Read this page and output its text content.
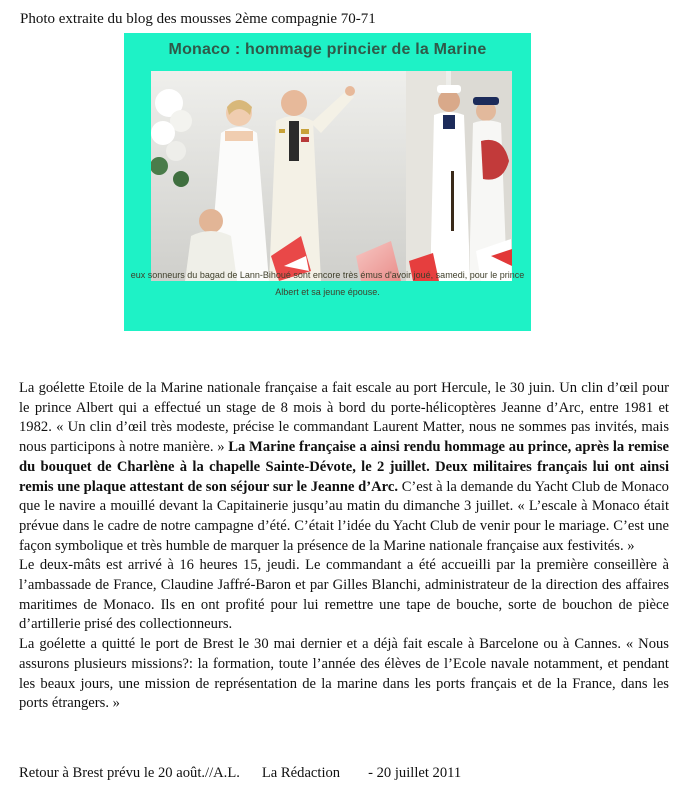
Photo extraite du blog des mousses 2ème compagnie 70-71
Monaco : hommage princier de la Marine
eux sonneurs du bagad de Lann-Bihoué sont encore très émus d'avoir joué, samedi, pour le prince Albert et sa jeune épouse.

La goélette Etoile de la Marine nationale française a fait escale au port Hercule, le 30 juin. Un clin d’œil pour le prince Albert qui a effectué un stage de 8 mois à bord du porte-hélicoptères Jeanne d’Arc, entre 1981 et 1982. « Un clin d’œil très modeste, précise le commandant Laurent Matter, nous ne sommes pas invités, mais nous participons à notre manière. » La Marine française a ainsi rendu hommage au prince, après la remise du bouquet de Charlène à la chapelle Sainte-Dévote, le 2 juillet. Deux militaires français lui ont ainsi remis une plaque attestant de son séjour sur le Jeanne d’Arc. C’est à la demande du Yacht Club de Monaco que le navire a mouillé devant la Capitainerie jusqu’au matin du dimanche 3 juillet. « L’escale à Monaco était prévue dans le cadre de notre campagne d’été. C’était l’idée du Yacht Club de venir pour le mariage. C’est une façon symbolique et très humble de marquer la présence de la Marine nationale française aux festivités. »

Le deux-mâts est arrivé à 16 heures 15, jeudi. Le commandant a été accueilli par la première conseillère à l’ambassade de France, Claudine Jaffré-Baron et par Gilles Blanchi, administrateur de la direction des affaires maritimes de Monaco. Ils en ont profité pour lui remettre une tape de bouche, sorte de bouchon de pièce d’artillerie prisé des collectionneurs.

La goélette a quitté le port de Brest le 30 mai dernier et a déjà fait escale à Barcelone ou à Cannes. « Nous assurons plusieurs missions?: la formation, toute l’année des élèves de l’Ecole navale notamment, et pendant les beaux jours, une mission de représentation de la marine dans les ports français et de la France, dans les ports étrangers. »

Retour à Brest prévu le 20 août.//A.L. La Rédaction - 20 juillet 2011
